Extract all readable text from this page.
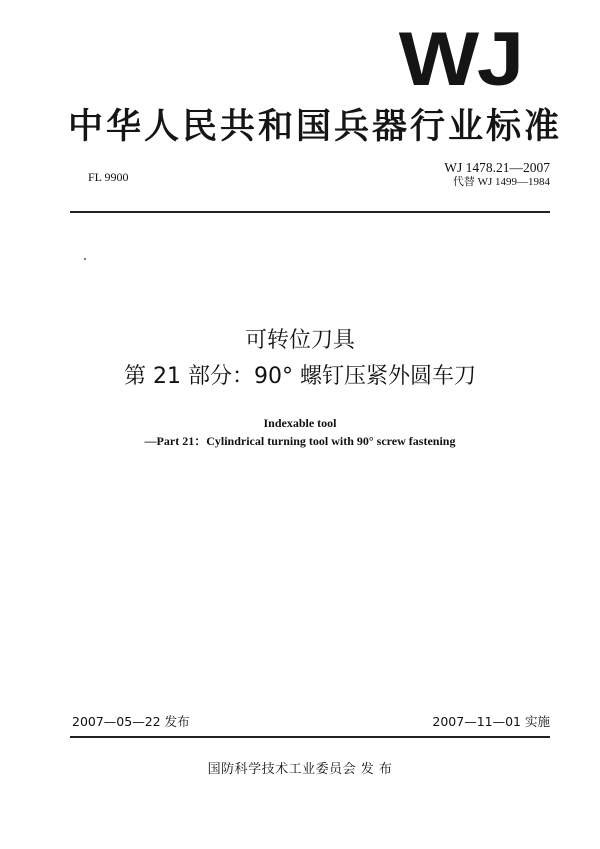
WJ
中华人民共和国兵器行业标准
FL 9900
WJ 1478.21—2007
代替 WJ 1499—1984
可转位刀具
第 21 部分：90° 螺钉压紧外圆车刀
Indexable tool
—Part 21：Cylindrical turning tool with 90° screw fastening
2007—05—22 发布	2007—11—01 实施
国防科学技术工业委员会 发 布
